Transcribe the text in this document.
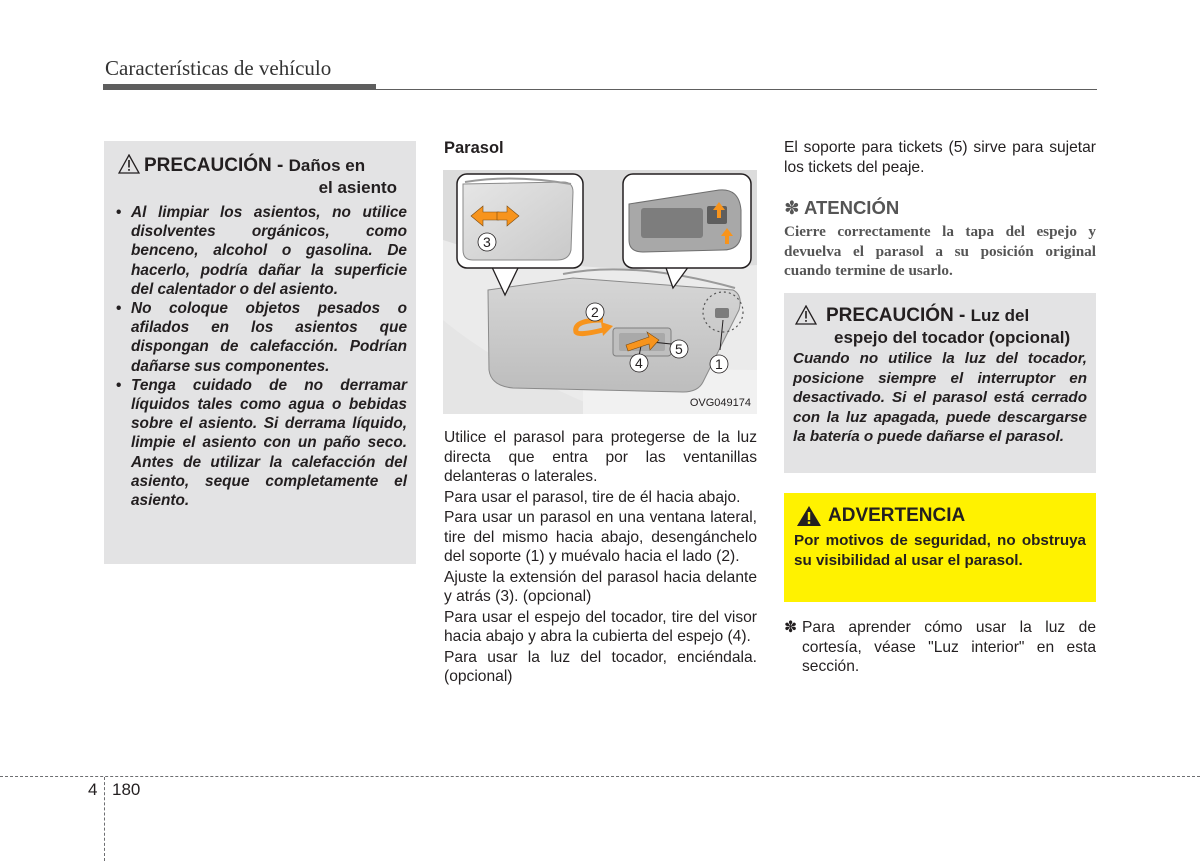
Características de vehículo
PRECAUCIÓN - Daños en
el asiento
• Al limpiar los asientos, no utilice disolventes orgánicos, como benceno, alcohol o gasolina. De hacerlo, podría dañar la superficie del calentador o del asiento.
• No coloque objetos pesados o afilados en los asientos que dispongan de calefacción. Podrían dañarse sus componentes.
• Tenga cuidado de no derramar líquidos tales como agua o bebidas sobre el asiento. Si derrama líquido, limpie el asiento con un paño seco. Antes de utilizar la calefacción del asiento, seque completamente el asiento.
Parasol
3
2
4
5
1
OVG049174

Utilice el parasol para protegerse de la luz directa que entra por las ventanillas delanteras o laterales.

Para usar el parasol, tire de él hacia abajo.

Para usar un parasol en una ventana lateral, tire del mismo hacia abajo, desengánchelo del soporte (1) y muévalo hacia el lado (2).

Ajuste la extensión del parasol hacia delante y atrás (3). (opcional)

Para usar el espejo del tocador, tire del visor hacia abajo y abra la cubierta del espejo (4).

Para usar la luz del tocador, enciéndala. (opcional)

El soporte para tickets (5) sirve para sujetar los tickets del peaje.

✽ ATENCIÓN

Cierre correctamente la tapa del espejo y devuelva el parasol a su posición original cuando termine de usarlo.

PRECAUCIÓN - Luz del
espejo del tocador (opcional)

Cuando no utilice la luz del tocador, posicione siempre el interruptor en desactivado. Si el parasol está cerrado con la luz apagada, puede descargarse la batería o puede dañarse el parasol.

ADVERTENCIA

Por motivos de seguridad, no obstruya su visibilidad al usar el parasol.

✽ Para aprender cómo usar la luz de cortesía, véase "Luz interior" en esta sección.

4 180
